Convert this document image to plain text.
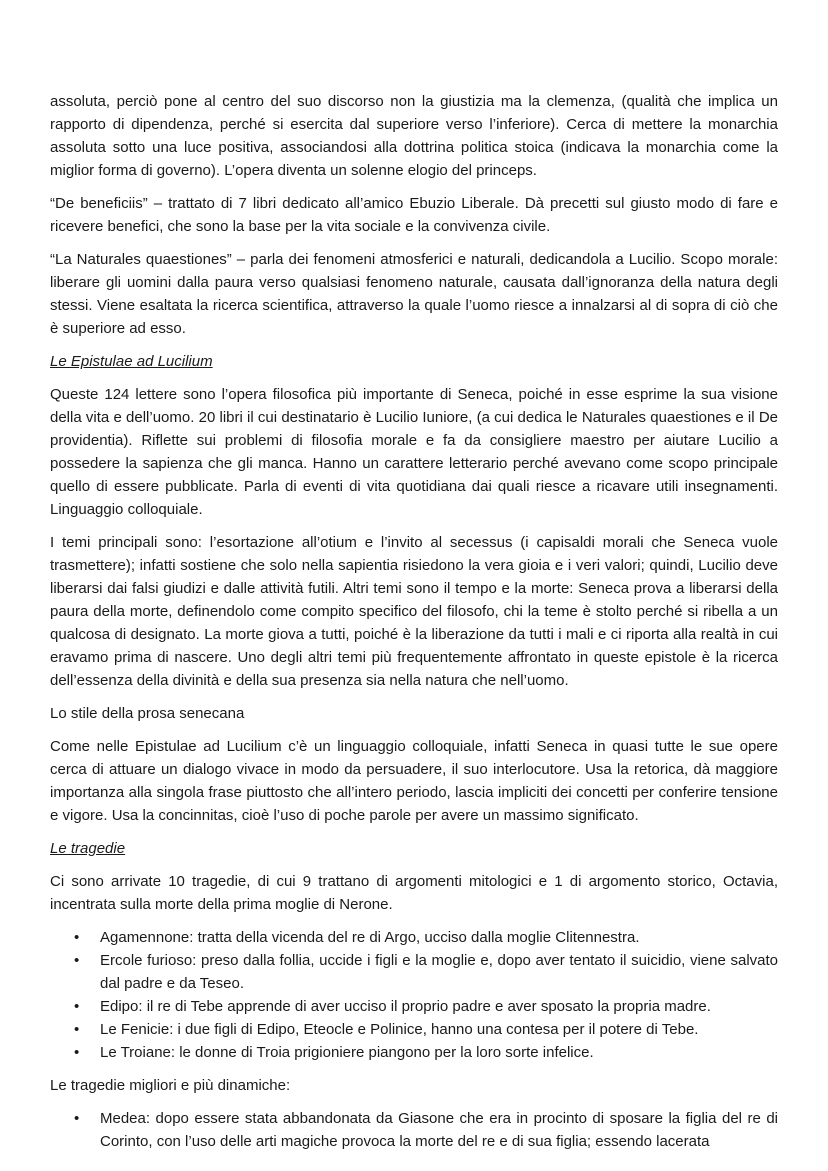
assoluta, perciò pone al centro del suo discorso non la giustizia ma la clemenza, (qualità che implica un rapporto di dipendenza, perché si esercita dal superiore verso l’inferiore). Cerca di mettere la monarchia assoluta sotto una luce positiva, associandosi alla dottrina politica stoica (indicava la monarchia come la miglior forma di governo). L’opera diventa un solenne elogio del princeps.

“De beneficiis” – trattato di 7 libri dedicato all’amico Ebuzio Liberale. Dà precetti sul giusto modo di fare e ricevere benefici, che sono la base per la vita sociale e la convivenza civile.

“La Naturales quaestiones” – parla dei fenomeni atmosferici e naturali, dedicandola a Lucilio. Scopo morale: liberare gli uomini dalla paura verso qualsiasi fenomeno naturale, causata dall’ignoranza della natura degli stessi. Viene esaltata la ricerca scientifica, attraverso la quale l’uomo riesce a innalzarsi al di sopra di ciò che è superiore ad esso.

Le Epistulae ad Lucilium

Queste 124 lettere sono l’opera filosofica più importante di Seneca, poiché in esse esprime la sua visione della vita e dell’uomo. 20 libri il cui destinatario è Lucilio Iuniore, (a cui dedica le Naturales quaestiones e il De providentia). Riflette sui problemi di filosofia morale e fa da consigliere maestro per aiutare Lucilio a possedere la sapienza che gli manca. Hanno un carattere letterario perché avevano come scopo principale quello di essere pubblicate. Parla di eventi di vita quotidiana dai quali riesce a ricavare utili insegnamenti. Linguaggio colloquiale.

I temi principali sono: l’esortazione all’otium e l’invito al secessus (i capisaldi morali che Seneca vuole trasmettere); infatti sostiene che solo nella sapientia risiedono la vera gioia e i veri valori; quindi, Lucilio deve liberarsi dai falsi giudizi e dalle attività futili. Altri temi sono il tempo e la morte: Seneca prova a liberarsi della paura della morte, definendolo come compito specifico del filosofo, chi la teme è stolto perché si ribella a un qualcosa di designato. La morte giova a tutti, poiché è la liberazione da tutti i mali e ci riporta alla realtà in cui eravamo prima di nascere. Uno degli altri temi più frequentemente affrontato in queste epistole è la ricerca dell’essenza della divinità e della sua presenza sia nella natura che nell’uomo.

Lo stile della prosa senecana

Come nelle Epistulae ad Lucilium c’è un linguaggio colloquiale, infatti Seneca in quasi tutte le sue opere cerca di attuare un dialogo vivace in modo da persuadere, il suo interlocutore. Usa la retorica, dà maggiore importanza alla singola frase piuttosto che all’intero periodo, lascia impliciti dei concetti per conferire tensione e vigore. Usa la concinnitas, cioè l’uso di poche parole per avere un massimo significato.

Le tragedie

Ci sono arrivate 10 tragedie, di cui 9 trattano di argomenti mitologici e 1 di argomento storico, Octavia, incentrata sulla morte della prima moglie di Nerone.

• Agamennone: tratta della vicenda del re di Argo, ucciso dalla moglie Clitennestra.
• Ercole furioso: preso dalla follia, uccide i figli e la moglie e, dopo aver tentato il suicidio, viene salvato dal padre e da Teseo.
• Edipo: il re di Tebe apprende di aver ucciso il proprio padre e aver sposato la propria madre.
• Le Fenicie: i due figli di Edipo, Eteocle e Polinice, hanno una contesa per il potere di Tebe.
• Le Troiane: le donne di Troia prigioniere piangono per la loro sorte infelice.

Le tragedie migliori e più dinamiche:

• Medea: dopo essere stata abbandonata da Giasone che era in procinto di sposare la figlia del re di Corinto, con l’uso delle arti magiche provoca la morte del re e di sua figlia; essendo lacerata
